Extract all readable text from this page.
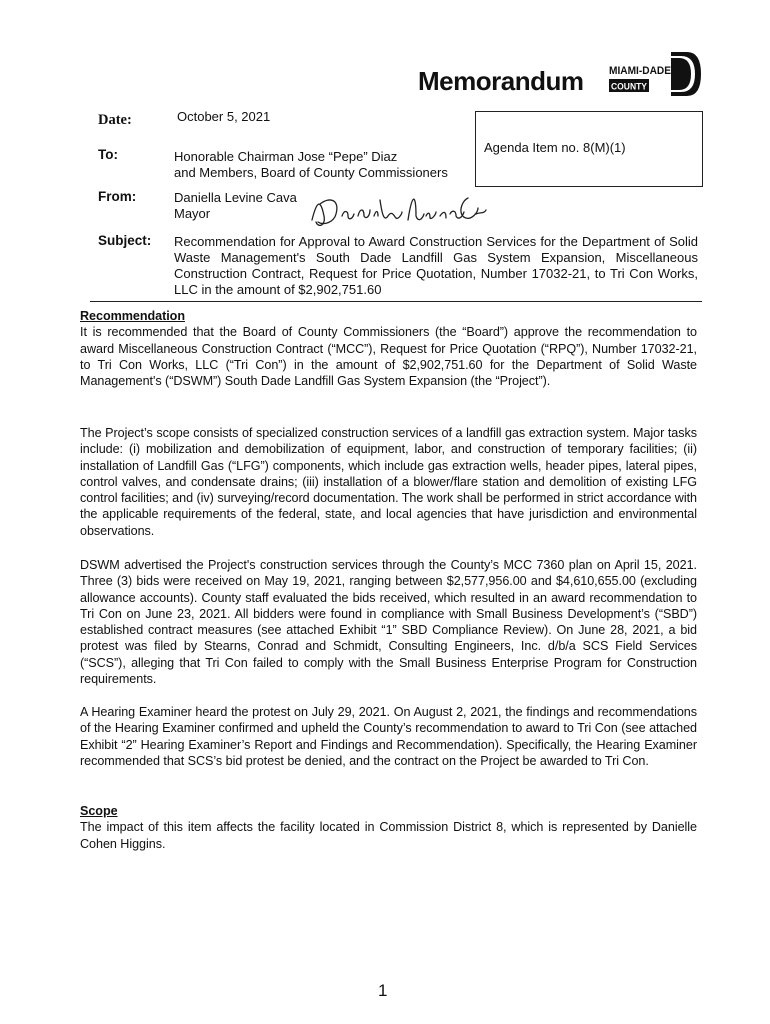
Memorandum MIAMI-DADE
COUNTY
Date:	October 5, 2021
Agenda Item no. 8(M)(1)
To:	Honorable Chairman Jose “Pepe” Diaz
and Members, Board of County Commissioners
From:	Daniella Levine Cava
Mayor
Subject: Recommendation for Approval to Award Construction Services for the Department of Solid Waste Management's South Dade Landfill Gas System Expansion, Miscellaneous Construction Contract, Request for Price Quotation, Number 17032-21, to Tri Con Works, LLC in the amount of $2,902,751.60
Recommendation
It is recommended that the Board of County Commissioners (the “Board”) approve the recommendation to award Miscellaneous Construction Contract (“MCC”), Request for Price Quotation (“RPQ”), Number 17032-21, to Tri Con Works, LLC (“Tri Con”) in the amount of $2,902,751.60 for the Department of Solid Waste Management's (“DSWM”) South Dade Landfill Gas System Expansion (the “Project”).
The Project’s scope consists of specialized construction services of a landfill gas extraction system. Major tasks include: (i) mobilization and demobilization of equipment, labor, and construction of temporary facilities; (ii) installation of Landfill Gas (“LFG”) components, which include gas extraction wells, header pipes, lateral pipes, control valves, and condensate drains; (iii) installation of a blower/flare station and demolition of existing LFG control facilities; and (iv) surveying/record documentation. The work shall be performed in strict accordance with the applicable requirements of the federal, state, and local agencies that have jurisdiction and environmental observations.
DSWM advertised the Project's construction services through the County’s MCC 7360 plan on April 15, 2021. Three (3) bids were received on May 19, 2021, ranging between $2,577,956.00 and $4,610,655.00 (excluding allowance accounts). County staff evaluated the bids received, which resulted in an award recommendation to Tri Con on June 23, 2021. All bidders were found in compliance with Small Business Development’s (“SBD”) established contract measures (see attached Exhibit “1” SBD Compliance Review). On June 28, 2021, a bid protest was filed by Stearns, Conrad and Schmidt, Consulting Engineers, Inc. d/b/a SCS Field Services (“SCS”), alleging that Tri Con failed to comply with the Small Business Enterprise Program for Construction requirements.
A Hearing Examiner heard the protest on July 29, 2021. On August 2, 2021, the findings and recommendations of the Hearing Examiner confirmed and upheld the County’s recommendation to award to Tri Con (see attached Exhibit “2” Hearing Examiner’s Report and Findings and Recommendation). Specifically, the Hearing Examiner recommended that SCS’s bid protest be denied, and the contract on the Project be awarded to Tri Con.
Scope
The impact of this item affects the facility located in Commission District 8, which is represented by Danielle Cohen Higgins.
1
